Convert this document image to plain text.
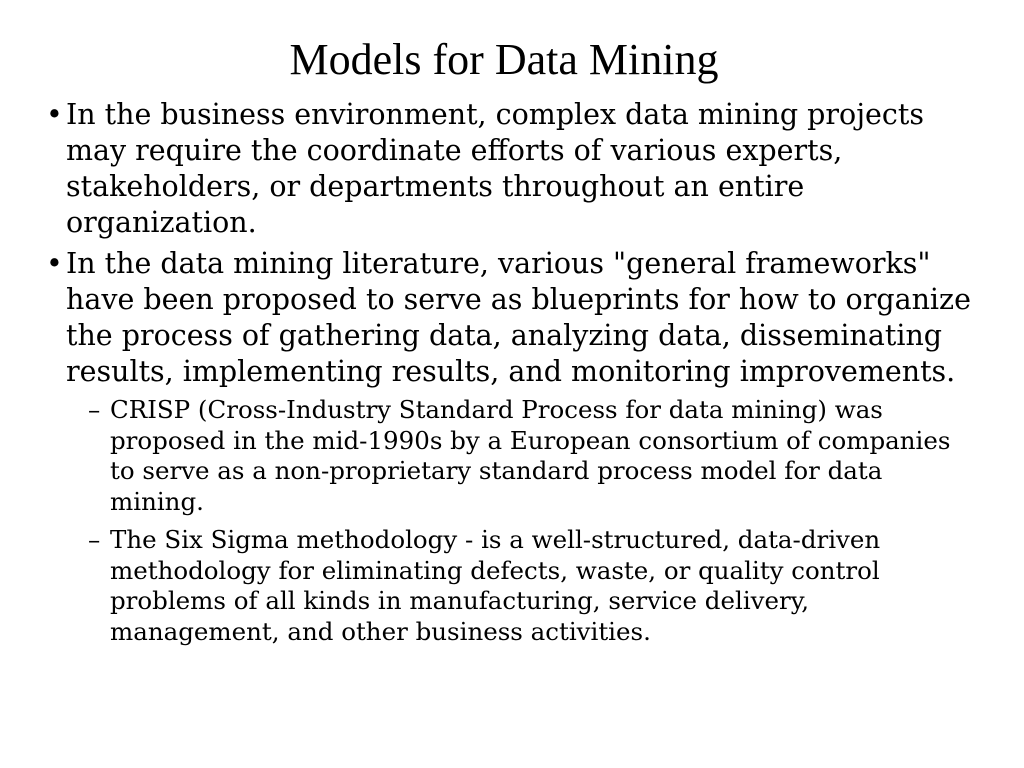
Models for Data Mining
• In the business environment, complex data mining projects may require the coordinate efforts of various experts, stakeholders, or departments throughout an entire organization.
• In the data mining literature, various "general frameworks" have been proposed to serve as blueprints for how to organize the process of gathering data, analyzing data, disseminating results, implementing results, and monitoring improvements.
– CRISP (Cross-Industry Standard Process for data mining) was proposed in the mid-1990s by a European consortium of companies to serve as a non-proprietary standard process model for data mining.
– The Six Sigma methodology - is a well-structured, data-driven methodology for eliminating defects, waste, or quality control problems of all kinds in manufacturing, service delivery, management, and other business activities.
